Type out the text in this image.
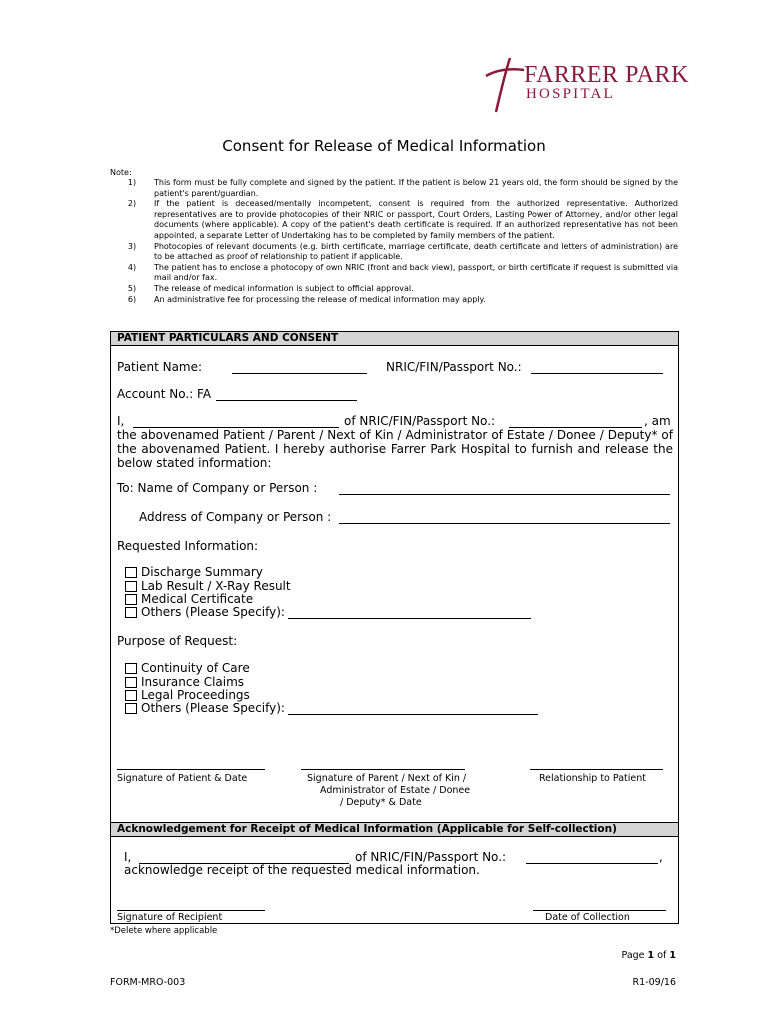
FARRER PARK
HOSPITAL
Consent for Release of Medical Information
Note:
1)	This form must be fully complete and signed by the patient. If the patient is below 21 years old, the form should be signed by the patient's parent/guardian.
2)	If the patient is deceased/mentally incompetent, consent is required from the authorized representative. Authorized representatives are to provide photocopies of their NRIC or passport, Court Orders, Lasting Power of Attorney, and/or other legal documents (where applicable). A copy of the patient's death certificate is required. If an authorized representative has not been appointed, a separate Letter of Undertaking has to be completed by family members of the patient.
3)	Photocopies of relevant documents (e.g. birth certificate, marriage certificate, death certificate and letters of administration) are to be attached as proof of relationship to patient if applicable.
4)	The patient has to enclose a photocopy of own NRIC (front and back view), passport, or birth certificate if request is submitted via mail and/or fax.
5)	The release of medical information is subject to official approval.
6)	An administrative fee for processing the release of medical information may apply.
PATIENT PARTICULARS AND CONSENT
Acknowledgement for Receipt of Medical Information (Applicable for Self-collection)
Patient Name:	NRIC/FIN/Passport No.:
Account No.: FA
I,	of NRIC/FIN/Passport No.:	, am
the abovenamed Patient / Parent / Next of Kin / Administrator of Estate / Donee / Deputy* of the abovenamed Patient. I hereby authorise Farrer Park Hospital to furnish and release the below stated information:
To: Name of Company or Person :
Address of Company or Person :
Requested Information:
Discharge Summary
Lab Result / X-Ray Result
Medical Certificate
Others (Please Specify):
Purpose of Request:
Continuity of Care
Insurance Claims
Legal Proceedings
Others (Please Specify):
Signature of Patient & Date	Signature of Parent / Next of Kin /
Administrator of Estate / Donee
/ Deputy* & Date
Relationship to Patient
I,	of NRIC/FIN/Passport No.:	,
acknowledge receipt of the requested medical information.
Signature of Recipient	Date of Collection
*Delete where applicable
Page 1 of 1
FORM-MRO-003	R1-09/16
